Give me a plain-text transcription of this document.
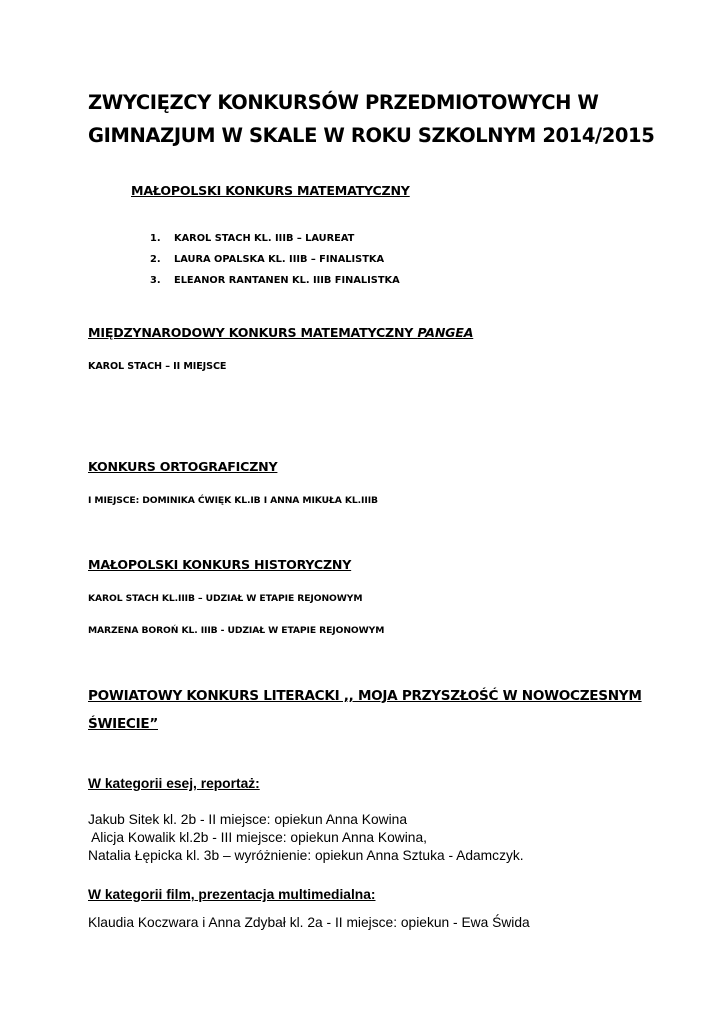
ZWYCIĘZCY KONKURSÓW PRZEDMIOTOWYCH W
GIMNAZJUM W SKALE W ROKU SZKOLNYM 2014/2015
MAŁOPOLSKI KONKURS MATEMATYCZNY
1. KAROL STACH KL. IIIB – LAUREAT
2. LAURA OPALSKA KL. IIIB – FINALISTKA
3. ELEANOR RANTANEN KL. IIIB FINALISTKA
MIĘDZYNARODOWY KONKURS MATEMATYCZNY PANGEA
KAROL STACH – II MIEJSCE
KONKURS ORTOGRAFICZNY
I MIEJSCE: DOMINIKA ĆWIĘK KL.IB I ANNA MIKUŁA KL.IIIB
MAŁOPOLSKI KONKURS HISTORYCZNY
KAROL STACH KL.IIIB – UDZIAŁ W ETAPIE REJONOWYM
MARZENA BOROŃ KL. IIIB - UDZIAŁ W ETAPIE REJONOWYM
POWIATOWY KONKURS LITERACKI ,, MOJA PRZYSZŁOŚĆ W NOWOCZESNYM
ŚWIECIE”
W kategorii esej, reportaż:
Jakub Sitek kl. 2b - II miejsce: opiekun Anna Kowina
Alicja Kowalik kl.2b - III miejsce: opiekun Anna Kowina,
Natalia Łępicka kl. 3b – wyróżnienie: opiekun Anna Sztuka - Adamczyk.
W kategorii film, prezentacja multimedialna:
Klaudia Koczwara i Anna Zdybał kl. 2a - II miejsce: opiekun - Ewa Świda
